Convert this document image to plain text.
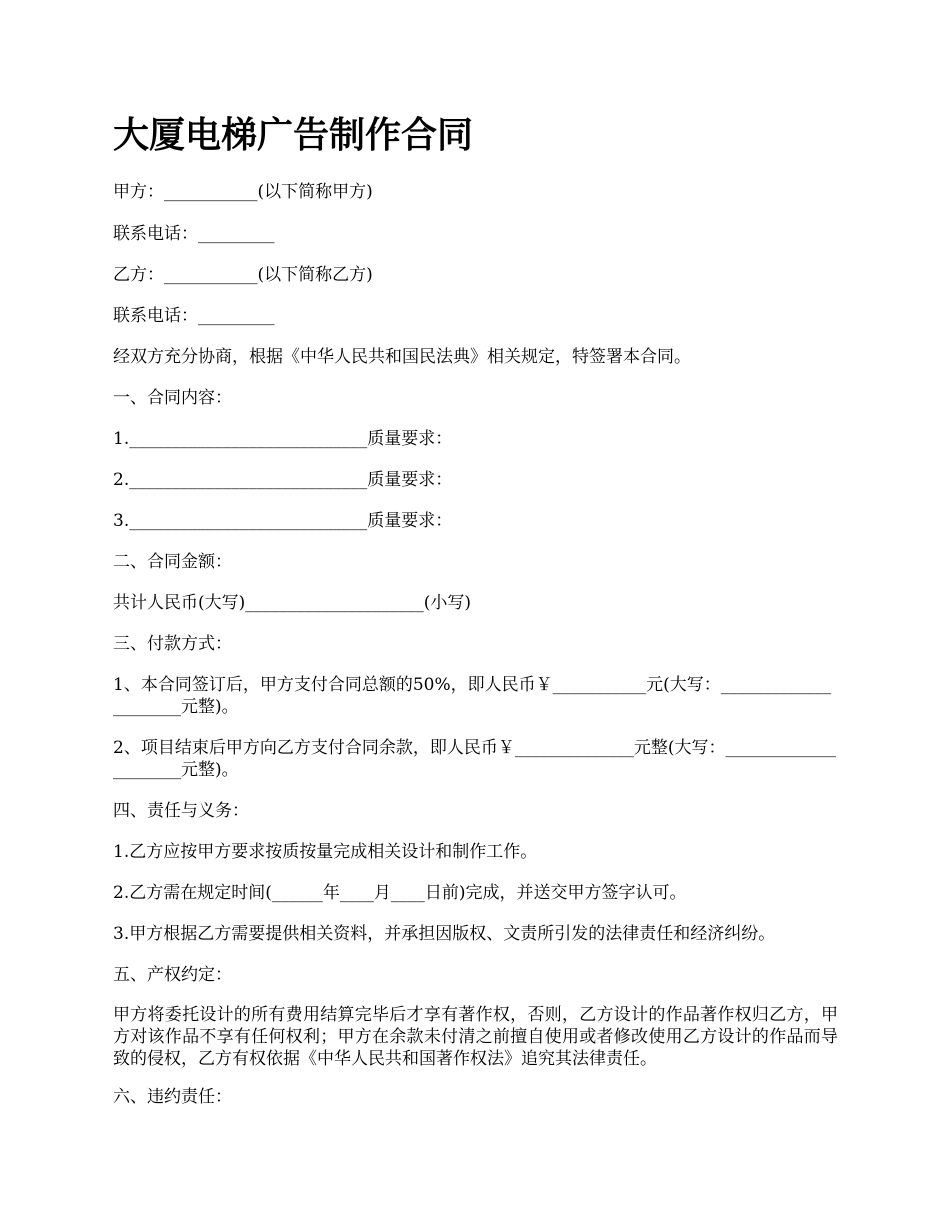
大厦电梯广告制作合同

甲方：___________(以下简称甲方)

联系电话：_________

乙方：___________(以下简称乙方)

联系电话：_________

经双方充分协商，根据《中华人民共和国民法典》相关规定，特签署本合同。

一、合同内容：

1.____________________________质量要求：

2.____________________________质量要求：

3.____________________________质量要求：

二、合同金额：

共计人民币(大写)_____________________(小写)

三、付款方式：

1、本合同签订后，甲方支付合同总额的50%，即人民币￥___________元(大写：_____________________元整)。

2、项目结束后甲方向乙方支付合同余款，即人民币￥______________元整(大写：_____________________元整)。

四、责任与义务：

1.乙方应按甲方要求按质按量完成相关设计和制作工作。

2.乙方需在规定时间(______年____月____日前)完成，并送交甲方签字认可。

3.甲方根据乙方需要提供相关资料，并承担因版权、文责所引发的法律责任和经济纠纷。

五、产权约定：

甲方将委托设计的所有费用结算完毕后才享有著作权，否则，乙方设计的作品著作权归乙方，甲方对该作品不享有任何权利；甲方在余款未付清之前擅自使用或者修改使用乙方设计的作品而导致的侵权，乙方有权依据《中华人民共和国著作权法》追究其法律责任。

六、违约责任：
